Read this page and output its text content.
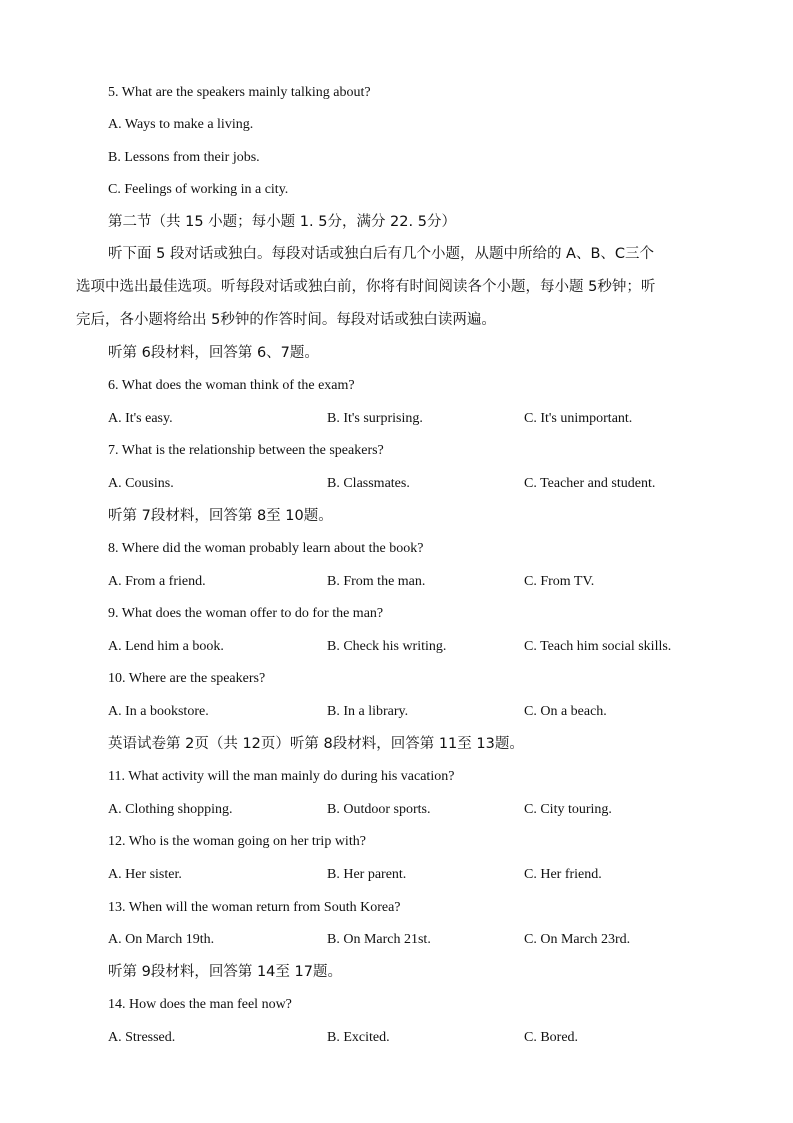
5. What are the speakers mainly talking about?
A. Ways to make a living.
B. Lessons from their jobs.
C. Feelings of working in a city.
第二节（共 15 小题；每小题 1. 5分，满分 22. 5分）
听下面 5 段对话或独白。每段对话或独白后有几个小题，从题中所给的 A、B、C三个
选项中选出最佳选项。听每段对话或独白前，你将有时间阅读各个小题，每小题 5秒钟；听
完后，各小题将给出 5秒钟的作答时间。每段对话或独白读两遍。
听第 6段材料，回答第 6、7题。
6. What does the woman think of the exam?
A. It's easy.	B. It's surprising.	C. It's unimportant.
7. What is the relationship between the speakers?
A. Cousins.	B. Classmates.	C. Teacher and student.
听第 7段材料，回答第 8至 10题。
8. Where did the woman probably learn about the book?
A. From a friend.	B. From the man.	C. From TV.
9. What does the woman offer to do for the man?
A. Lend him a book.	B. Check his writing.	C. Teach him social skills.
10. Where are the speakers?
A. In a bookstore.	B. In a library.	C. On a beach.
英语试卷第 2页（共 12页）听第 8段材料，回答第 11至 13题。
11. What activity will the man mainly do during his vacation?
A. Clothing shopping.	B. Outdoor sports.	C. City touring.
12. Who is the woman going on her trip with?
A. Her sister.	B. Her parent.	C. Her friend.
13. When will the woman return from South Korea?
A. On March 19th.	B. On March 21st.	C. On March 23rd.
听第 9段材料，回答第 14至 17题。
14. How does the man feel now?
A. Stressed.	B. Excited.	C. Bored.
